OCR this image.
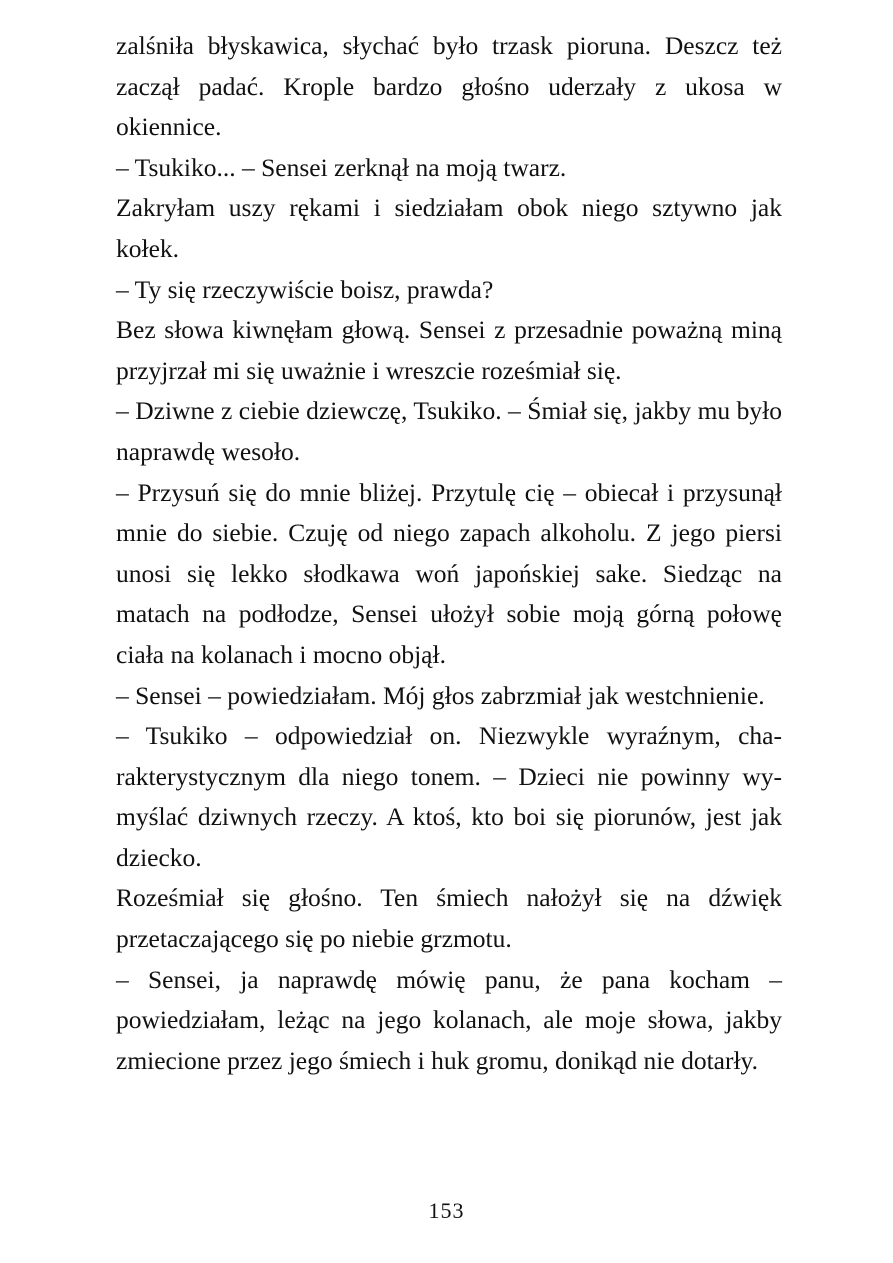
zalśniła błyskawica, słychać było trzask pioruna. Deszcz też zaczął padać. Krople bardzo głośno uderzały z ukosa w okiennice.

– Tsukiko... – Sensei zerknął na moją twarz.

Zakryłam uszy rękami i siedziałam obok niego sztywno jak kołek.

– Ty się rzeczywiście boisz, prawda?

Bez słowa kiwnęłam głową. Sensei z przesadnie poważną miną przyjrzał mi się uważnie i wreszcie roześmiał się.

– Dziwne z ciebie dziewczę, Tsukiko. – Śmiał się, jakby mu było naprawdę wesoło.

– Przysuń się do mnie bliżej. Przytulę cię – obiecał i przysunął mnie do siebie. Czuję od niego zapach alkoholu. Z jego piersi unosi się lekko słodkawa woń japońskiej sake. Siedząc na matach na podłodze, Sensei ułożył sobie moją górną połowę ciała na kolanach i mocno objął.

– Sensei – powiedziałam. Mój głos zabrzmiał jak westchnienie.

– Tsukiko – odpowiedział on. Niezwykle wyraźnym, charakterystycznym dla niego tonem. – Dzieci nie powinny wymyślać dziwnych rzeczy. A ktoś, kto boi się piorunów, jest jak dziecko.

Roześmiał się głośno. Ten śmiech nałożył się na dźwięk przetaczającego się po niebie grzmotu.

– Sensei, ja naprawdę mówię panu, że pana kocham – powiedziałam, leżąc na jego kolanach, ale moje słowa, jakby zmiecione przez jego śmiech i huk gromu, donikąd nie dotarły.

153
